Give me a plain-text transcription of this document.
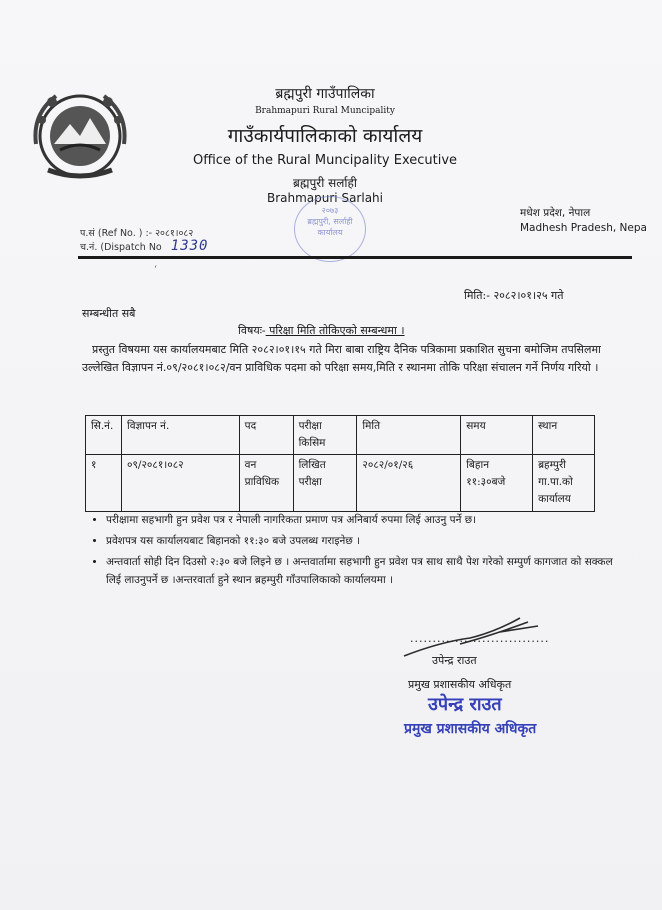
ब्रह्मपुरी गाउँपालिका
Brahmapuri Rural Muncipality
गाउँकार्यपालिकाको कार्यालय
Office of the Rural Muncipality Executive
ब्रह्मपुरी सर्लाही
Brahmapuri Sarlahi
२०७३
ब्रह्मपुरी, सर्लाही
कार्यालय
मधेश प्रदेश, नेपाल
Madhesh Pradesh, Nepa
प.सं (Ref No. ) :- २०८१।०८२
च.नं. (Dispatch No 1330
ʻ
मिति:- २०८२।०१।२५ गते
सम्बन्धीत सबै
विषयः- परिक्षा मिति तोकिएको सम्बन्धमा ।
प्रस्तुत विषयमा यस कार्यालयमबाट मिति २०८२।०१।१५ गते मिरा बाबा राष्ट्रिय दैनिक पत्रिकामा प्रकाशित सुचना बमोजिम तपसिलमा उल्लेखित विज्ञापन नं.०९/२०८१।०८२/वन प्राविधिक पदमा को परिक्षा समय,मिति र स्थानमा तोकि परिक्षा संचालन गर्ने निर्णय गरियो ।
सि.नं.	विज्ञापन नं.	पद	परीक्षा किसिम	मिति	समय	स्थान
१	०९/२०८१।०८२	वन प्राविधिक	लिखित परीक्षा	२०८२/०१/२६	बिहान ११:३०बजे	ब्रहम्पुरी गा.पा.को कार्यालय
• परीक्षामा सहभागी हुन प्रवेश पत्र र नेपाली नागरिकता प्रमाण पत्र अनिबार्य रुपमा लिई आउनु पर्ने छ।
• प्रवेशपत्र यस कार्यालयबाट बिहानको ११:३० बजे उपलब्ध गराइनेछ ।
• अन्तवार्ता सोही दिन दिउसो २:३० बजे लिइने छ । अन्तवार्तामा सहभागी हुन प्रवेश पत्र साथ साथै पेश गरेको सम्पुर्ण कागजात को सक्कल लिई लाउनुपर्ने छ ।अन्तरवार्ता हुने स्थान ब्रहम्पुरी गाँउपालिकाको कार्यालयमा ।
...............................
उपेन्द्र राउत
प्रमुख प्रशासकीय अधिकृत
उपेन्द्र राउत
प्रमुख प्रशासकीय अधिकृत
